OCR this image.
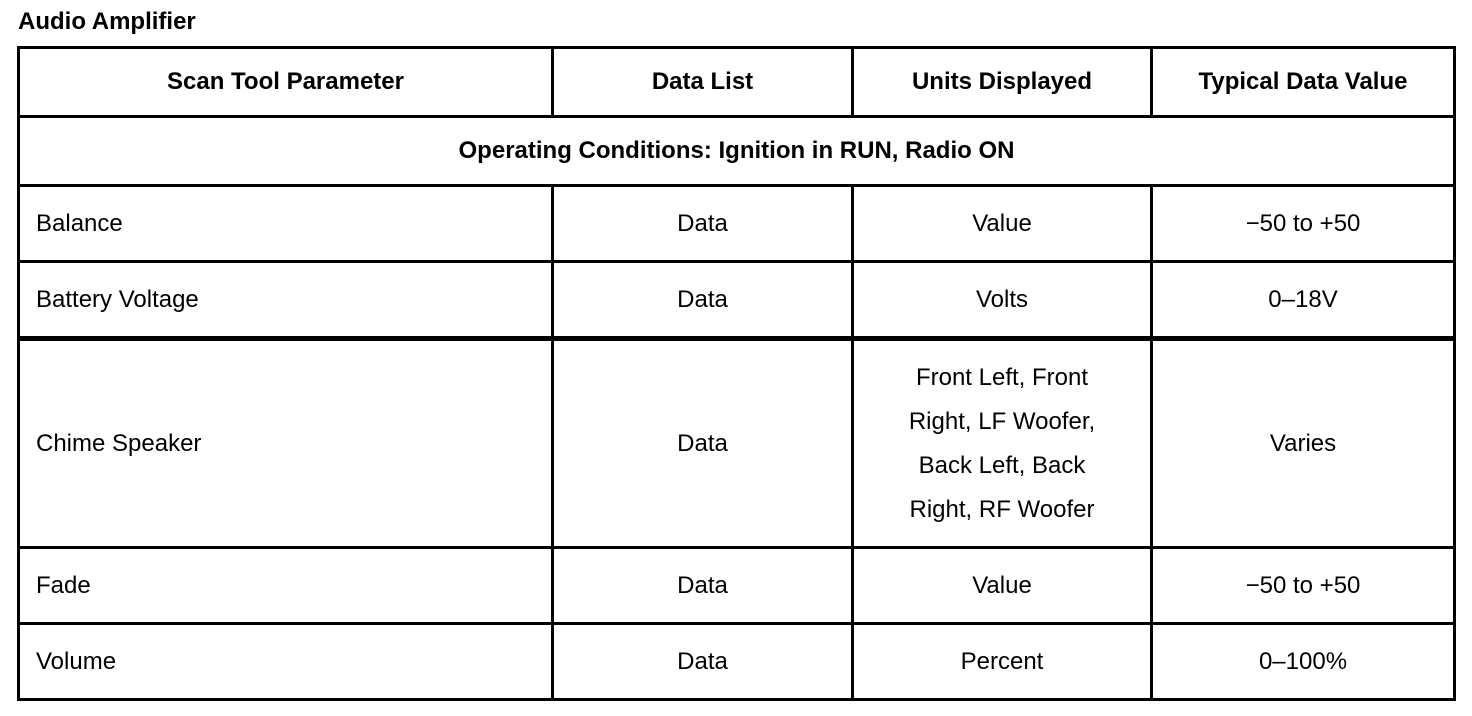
Audio Amplifier
Scan Tool Parameter	Data List	Units Displayed	Typical Data Value
Operating Conditions: Ignition in RUN, Radio ON			
Balance	Data	Value	−50 to +50
Battery Voltage	Data	Volts	0–18V
Chime Speaker	Data	Front Left, Front Right, LF Woofer, Back Left, Back Right, RF Woofer	Varies
Fade	Data	Value	−50 to +50
Volume	Data	Percent	0–100%
